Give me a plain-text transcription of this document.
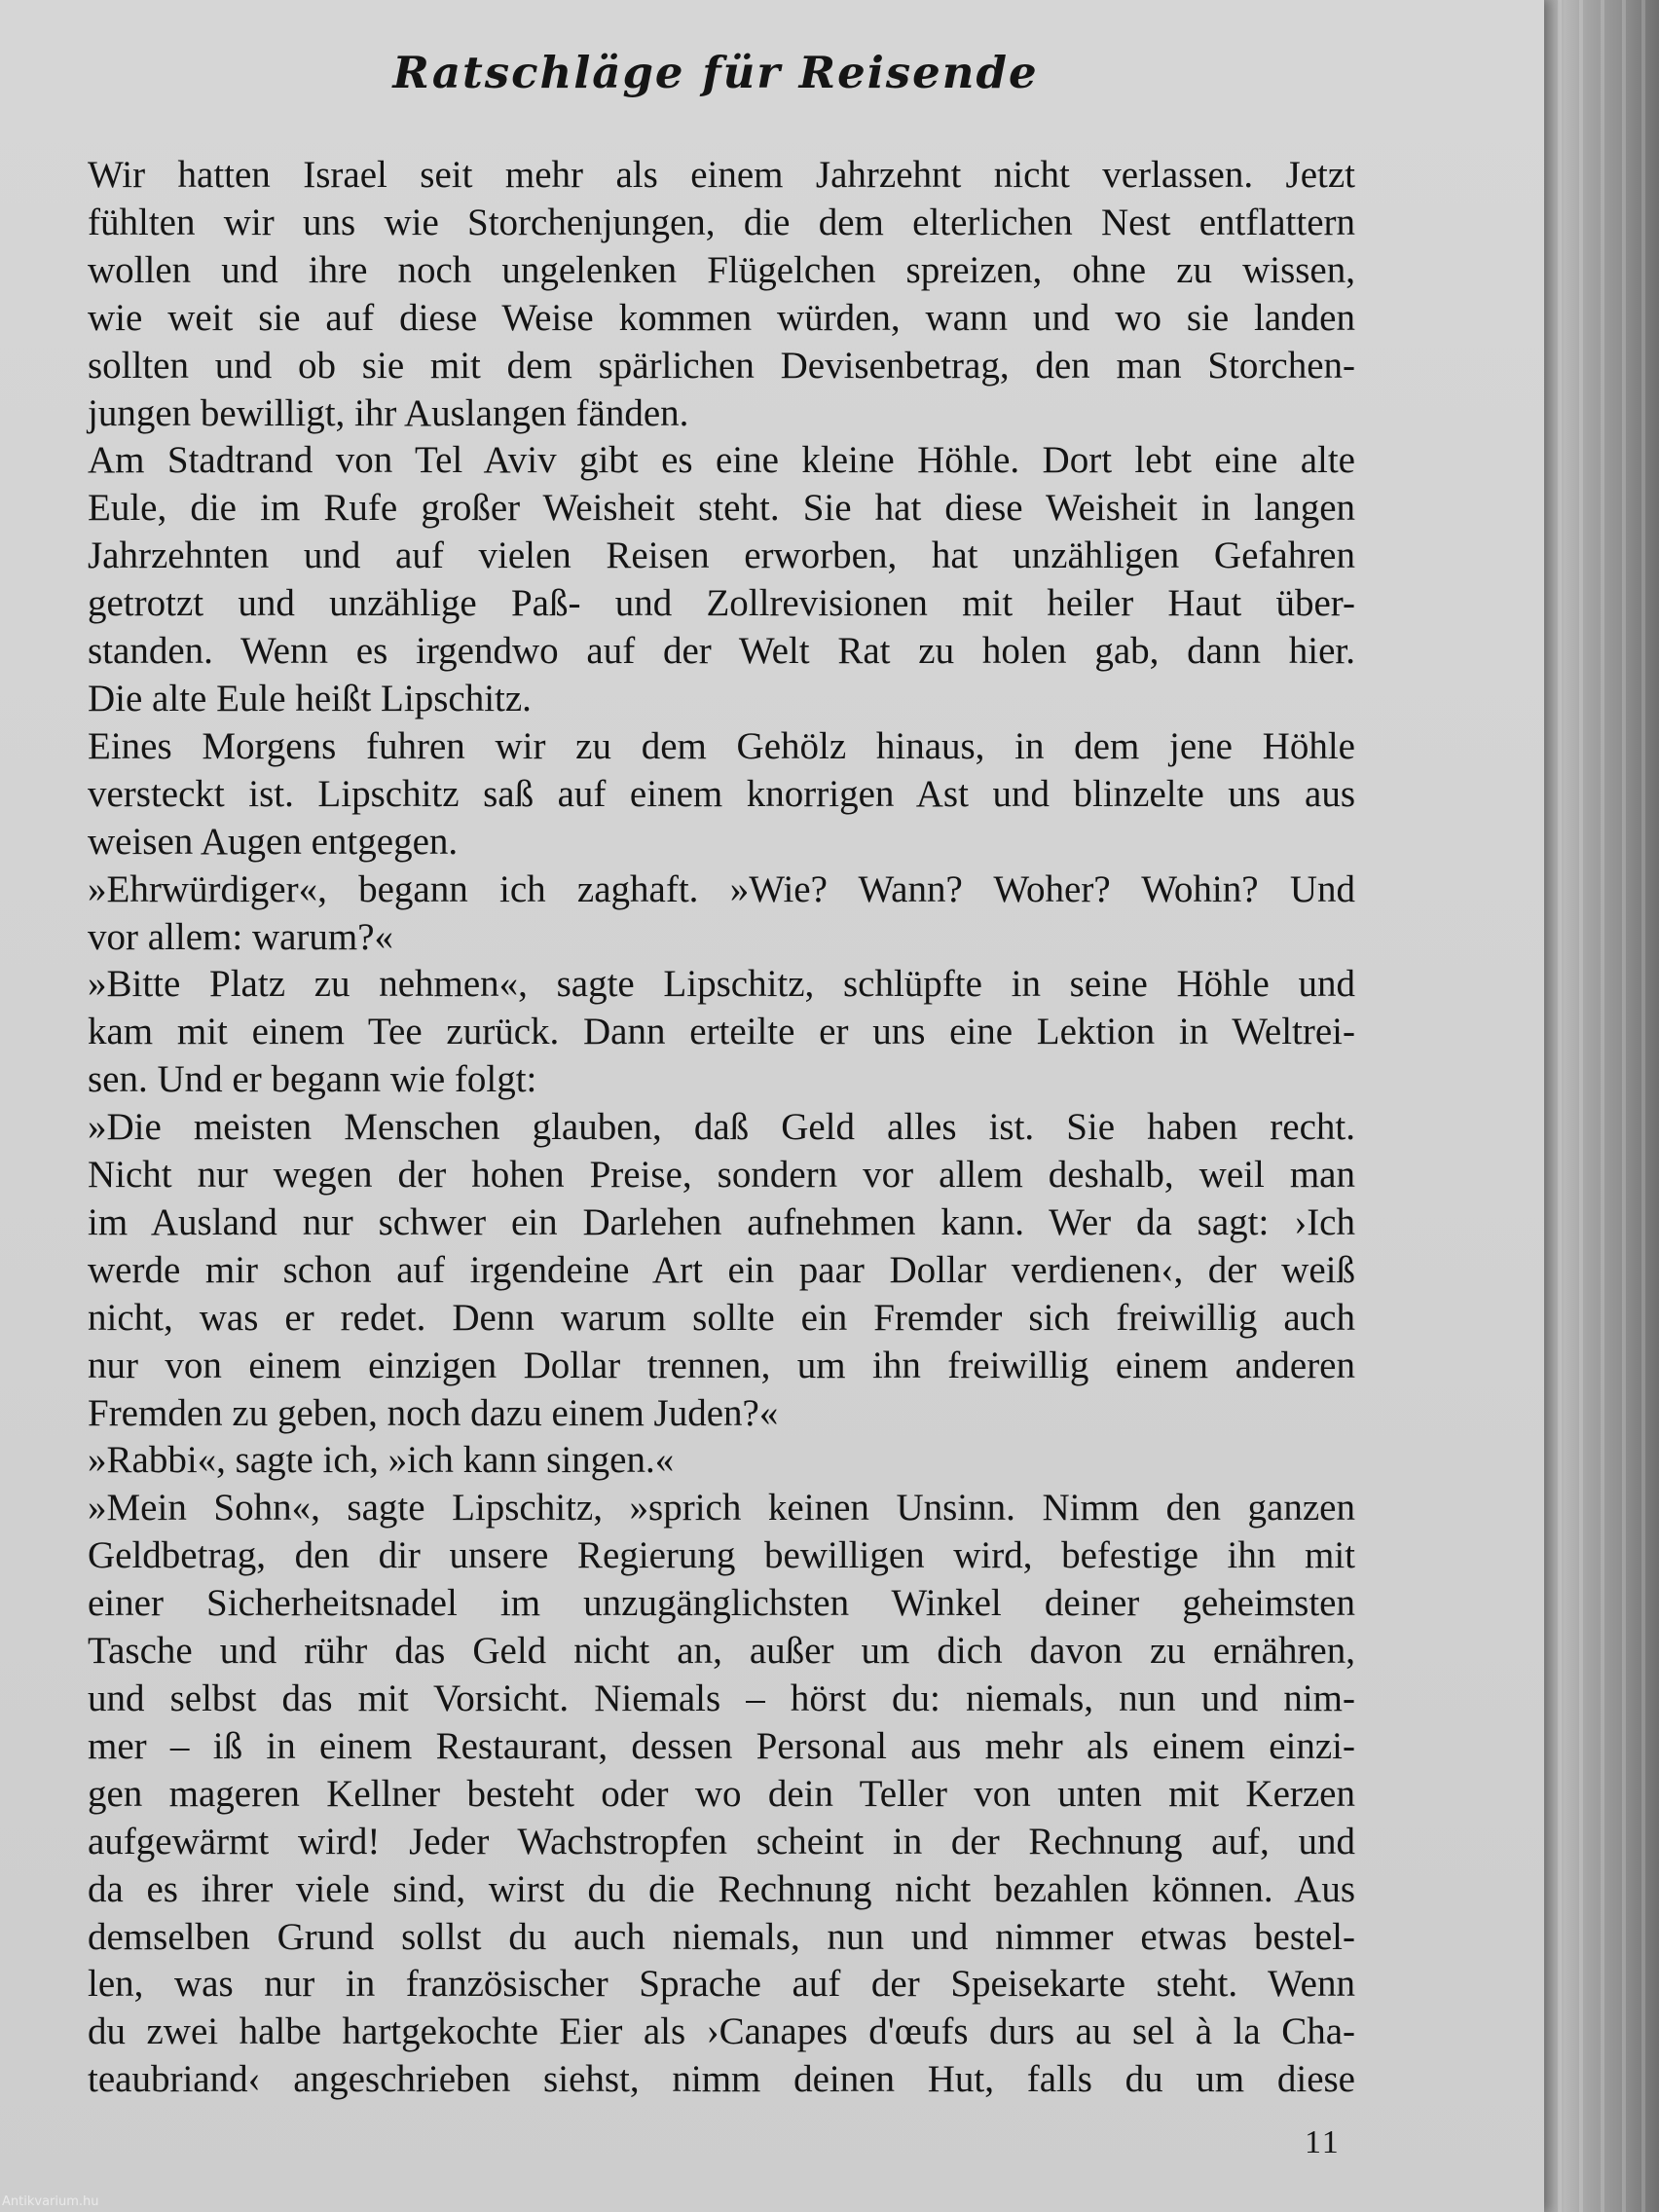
Ratschläge für Reisende
Wir hatten Israel seit mehr als einem Jahrzehnt nicht verlassen. Jetzt
fühlten wir uns wie Storchenjungen, die dem elterlichen Nest entflattern
wollen und ihre noch ungelenken Flügelchen spreizen, ohne zu wissen,
wie weit sie auf diese Weise kommen würden, wann und wo sie landen
sollten und ob sie mit dem spärlichen Devisenbetrag, den man Storchen-
jungen bewilligt, ihr Auslangen fänden.
Am Stadtrand von Tel Aviv gibt es eine kleine Höhle. Dort lebt eine alte
Eule, die im Rufe großer Weisheit steht. Sie hat diese Weisheit in langen
Jahrzehnten und auf vielen Reisen erworben, hat unzähligen Gefahren
getrotzt und unzählige Paß- und Zollrevisionen mit heiler Haut über-
standen. Wenn es irgendwo auf der Welt Rat zu holen gab, dann hier.
Die alte Eule heißt Lipschitz.
Eines Morgens fuhren wir zu dem Gehölz hinaus, in dem jene Höhle
versteckt ist. Lipschitz saß auf einem knorrigen Ast und blinzelte uns aus
weisen Augen entgegen.
»Ehrwürdiger«, begann ich zaghaft. »Wie? Wann? Woher? Wohin? Und
vor allem: warum?«
»Bitte Platz zu nehmen«, sagte Lipschitz, schlüpfte in seine Höhle und
kam mit einem Tee zurück. Dann erteilte er uns eine Lektion in Weltrei-
sen. Und er begann wie folgt:
»Die meisten Menschen glauben, daß Geld alles ist. Sie haben recht.
Nicht nur wegen der hohen Preise, sondern vor allem deshalb, weil man
im Ausland nur schwer ein Darlehen aufnehmen kann. Wer da sagt: ›Ich
werde mir schon auf irgendeine Art ein paar Dollar verdienen‹, der weiß
nicht, was er redet. Denn warum sollte ein Fremder sich freiwillig auch
nur von einem einzigen Dollar trennen, um ihn freiwillig einem anderen
Fremden zu geben, noch dazu einem Juden?«
»Rabbi«, sagte ich, »ich kann singen.«
»Mein Sohn«, sagte Lipschitz, »sprich keinen Unsinn. Nimm den ganzen
Geldbetrag, den dir unsere Regierung bewilligen wird, befestige ihn mit
einer Sicherheitsnadel im unzugänglichsten Winkel deiner geheimsten
Tasche und rühr das Geld nicht an, außer um dich davon zu ernähren,
und selbst das mit Vorsicht. Niemals – hörst du: niemals, nun und nim-
mer – iß in einem Restaurant, dessen Personal aus mehr als einem einzi-
gen mageren Kellner besteht oder wo dein Teller von unten mit Kerzen
aufgewärmt wird! Jeder Wachstropfen scheint in der Rechnung auf, und
da es ihrer viele sind, wirst du die Rechnung nicht bezahlen können. Aus
demselben Grund sollst du auch niemals, nun und nimmer etwas bestel-
len, was nur in französischer Sprache auf der Speisekarte steht. Wenn
du zwei halbe hartgekochte Eier als ›Canapes d'œufs durs au sel à la Cha-
teaubriand‹ angeschrieben siehst, nimm deinen Hut, falls du um diese
11
Antikvarium.hu
